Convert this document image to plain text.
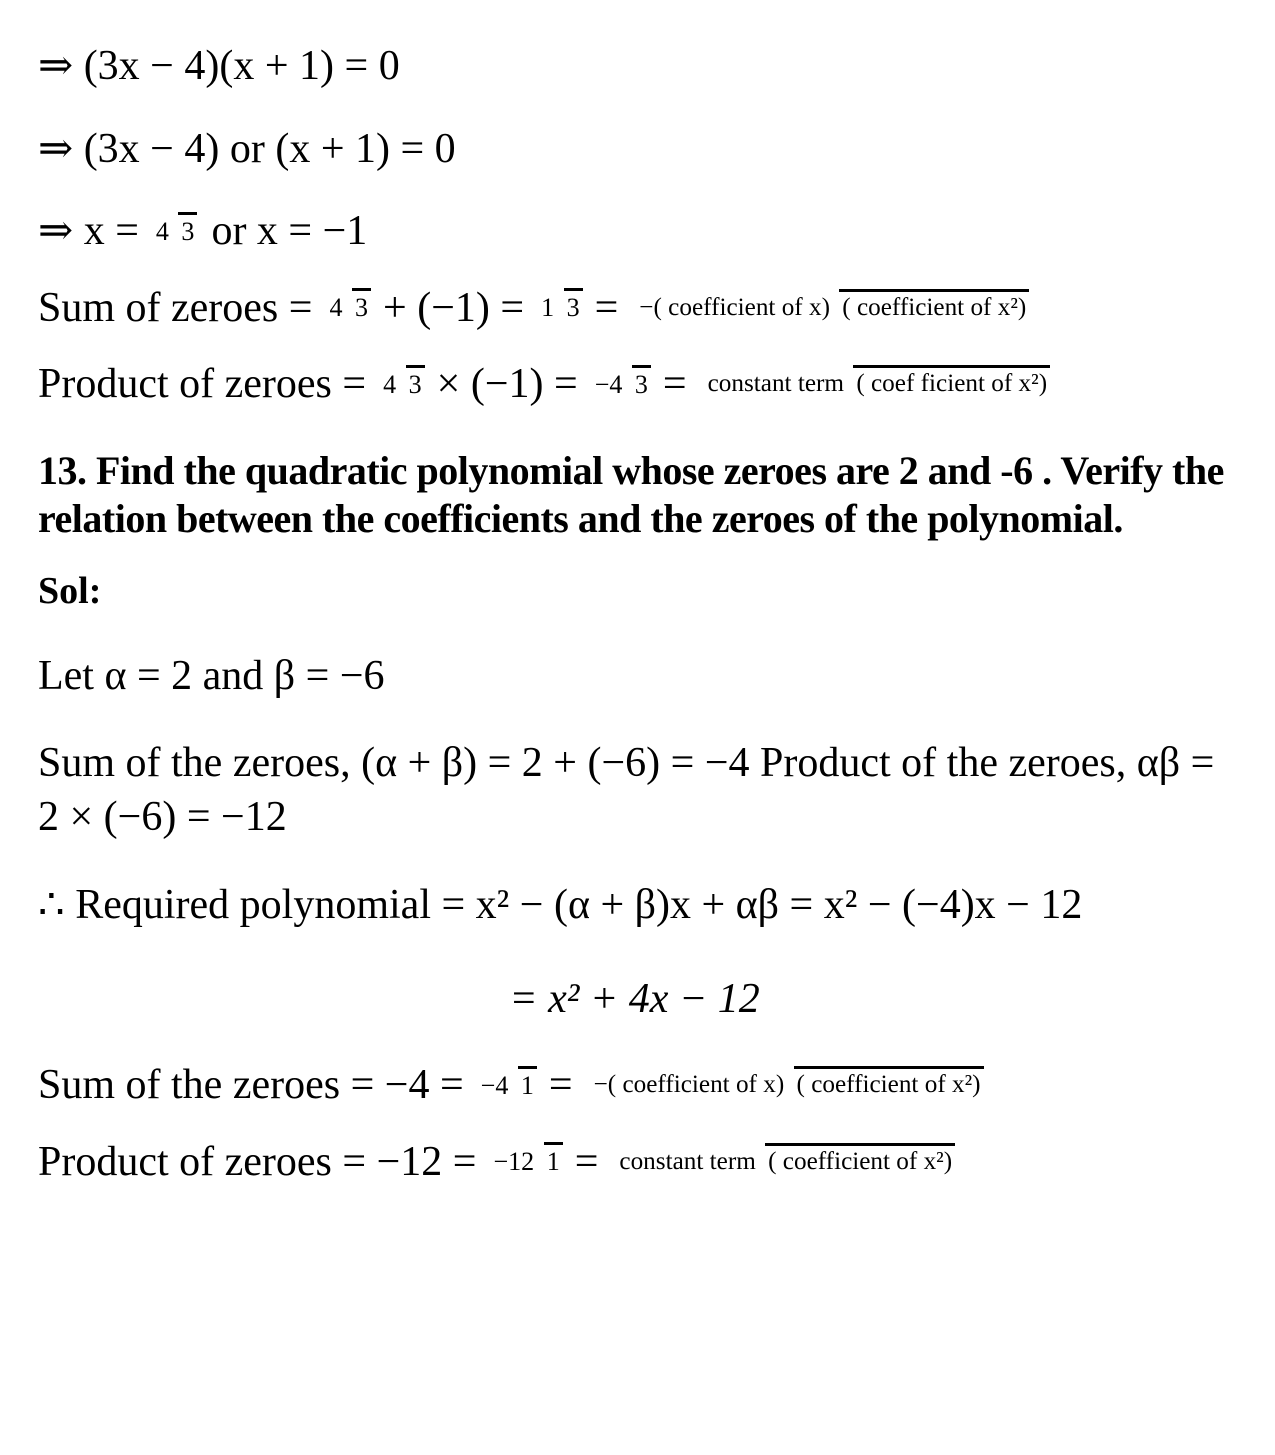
⇒ (3x − 4)(x + 1) = 0
⇒ (3x − 4) or (x + 1) = 0
⇒ x = 4 3 or x = −1
Sum of zeroes = 4 3 + (−1) = 1 3 = −( coefficient of x) ( coefficient of x²)
Product of zeroes = 4 3 × (−1) = −4 3 = constant term ( coef ficient of x²)
13. Find the quadratic polynomial whose zeroes are 2 and -6 . Verify the relation between the coefficients and the zeroes of the polynomial.
Sol:
Let α = 2 and β = −6
Sum of the zeroes, (α + β) = 2 + (−6) = −4 Product of the zeroes, αβ = 2 × (−6) = −12
∴ Required polynomial = x² − (α + β)x + αβ = x² − (−4)x − 12
= x² + 4x − 12
Sum of the zeroes = −4 = −4 1 = −( coefficient of x) ( coefficient of x²)
Product of zeroes = −12 = −12 1 = constant term ( coefficient of x²)
